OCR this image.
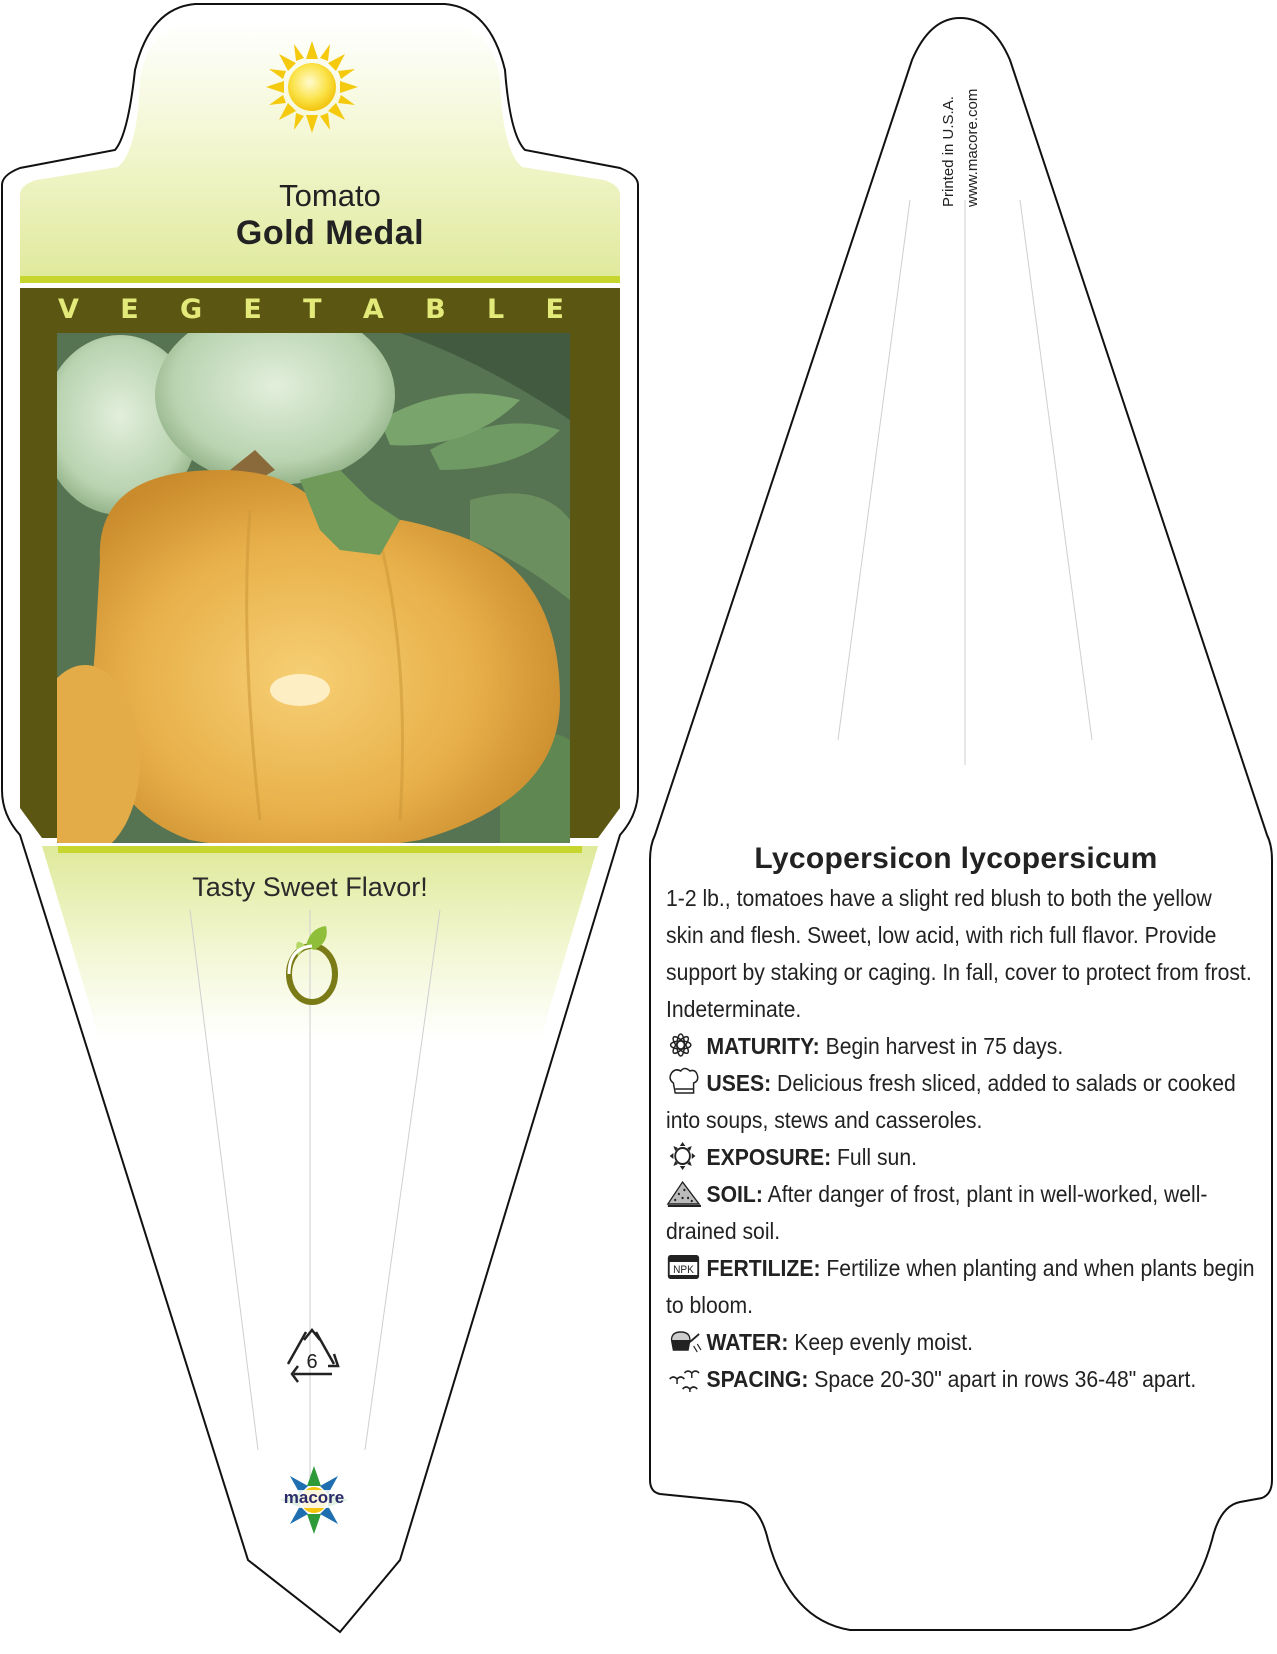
6
Tomato
Gold Medal
V E G E T A B L E
Tasty Sweet Flavor!
macore
Printed in U.S.A. www.macore.com
Lycopersicon lycopersicum

1-2 lb., tomatoes have a slight red blush to both the yellow skin and flesh. Sweet, low acid, with rich full flavor. Provide support by staking or caging. In fall, cover to protect from frost. Indeterminate.

MATURITY: Begin harvest in 75 days.

USES: Delicious fresh sliced, added to salads or cooked into soups, stews and casseroles.

EXPOSURE: Full sun.

SOIL: After danger of frost, plant in well-worked, well-drained soil.

NPK FERTILIZE: Fertilize when planting and when plants begin to bloom.

WATER: Keep evenly moist.

SPACING: Space 20-30" apart in rows 36-48" apart.
